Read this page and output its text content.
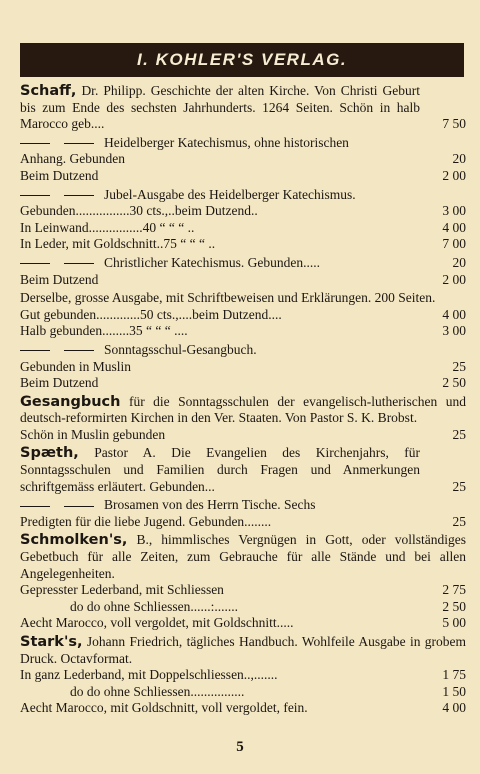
I. KOHLER'S VERLAG.
Schaff, Dr. Philipp. Geschichte der alten Kirche. Von Christi Geburt bis zum Ende des sechsten Jahrhunderts. 1264 Seiten. Schön in halb Marocco geb....	7 50
Heidelberger Katechismus, ohne historischen
Anhang. Gebunden	20
Beim Dutzend	2 00
Jubel-Ausgabe des Heidelberger Katechismus.
Gebunden................30 cts.,..beim Dutzend..	3 00
In Leinwand................40 “ “ “ ..	4 00
In Leder, mit Goldschnitt..75 “ “ “ ..	7 00
Christlicher Katechismus. Gebunden.....	20
Beim Dutzend	2 00
Derselbe, grosse Ausgabe, mit Schriftbeweisen und Erklärungen. 200 Seiten.
Gut gebunden.............50 cts.,....beim Dutzend....	4 00
Halb gebunden........35 “ “ “ ....	3 00
Sonntagsschul-Gesangbuch.
Gebunden in Muslin	25
Beim Dutzend	2 50
Gesangbuch für die Sonntagsschulen der evangelisch-lutherischen und deutsch-reformirten Kirchen in den Ver. Staaten. Von Pastor S. K. Brobst.
Schön in Muslin gebunden	25
Spæth, Pastor A. Die Evangelien des Kirchenjahrs, für Sonntagsschulen und Familien durch Fragen und Anmerkungen schriftgemäss erläutert. Gebunden...	25
Brosamen von des Herrn Tische. Sechs
Predigten für die liebe Jugend. Gebunden........	25
Schmolken's, B., himmlisches Vergnügen in Gott, oder vollständiges Gebetbuch für alle Zeiten, zum Gebrauche für alle Stände und bei allen Angelegenheiten.
Gepresster Lederband, mit Schliessen	2 75
do do ohne Schliessen......:.......	2 50
Aecht Marocco, voll vergoldet, mit Goldschnitt.....	5 00
Stark's, Johann Friedrich, tägliches Handbuch. Wohlfeile Ausgabe in grobem Druck. Octavformat.
In ganz Lederband, mit Doppelschliessen..,.......	1 75
do do ohne Schliessen................	1 50
Aecht Marocco, mit Goldschnitt, voll vergoldet, fein.	4 00
5
